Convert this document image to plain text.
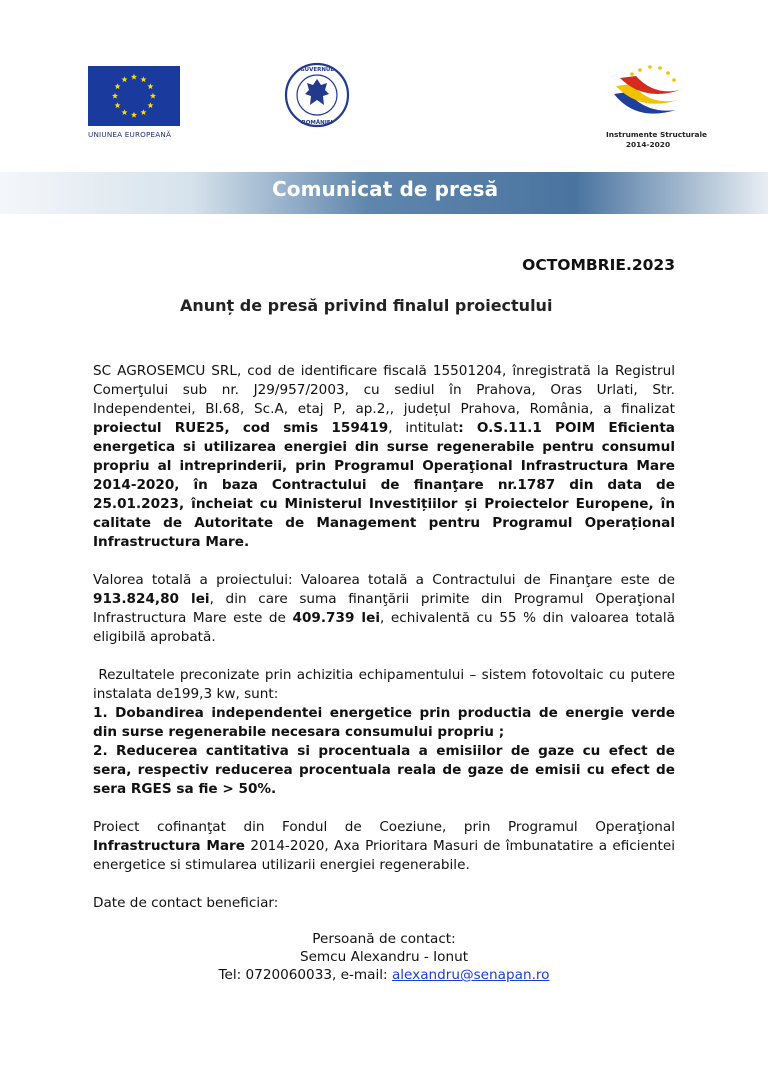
UNIUNEA EUROPEANĂ
GUVERNUL
ROMÂNIEI
Instrumente Structurale
2014-2020
Comunicat de presă
OCTOMBRIE.2023
Anunț de presă privind finalul proiectului

SC AGROSEMCU SRL, cod de identificare fiscală 15501204, înregistrată la Registrul Comerţului sub nr. J29/957/2003, cu sediul în Prahova, Oras Urlati, Str. Independentei, Bl.68, Sc.A, etaj P, ap.2,, județul Prahova, România, a finalizat proiectul RUE25, cod smis 159419, intitulat: O.S.11.1 POIM Eficienta energetica si utilizarea energiei din surse regenerabile pentru consumul propriu al intreprinderii, prin Programul Operaţional Infrastructura Mare 2014-2020, în baza Contractului de finanţare nr.1787 din data de 25.01.2023, încheiat cu Ministerul Investițiilor și Proiectelor Europene, în calitate de Autoritate de Management pentru Programul Operațional Infrastructura Mare.

Valorea totală a proiectului: Valoarea totală a Contractului de Finanţare este de 913.824,80 lei, din care suma finanţării primite din Programul Operaţional Infrastructura Mare este de 409.739 lei, echivalentă cu 55 % din valoarea totală eligibilă aprobată.

Rezultatele preconizate prin achizitia echipamentului – sistem fotovoltaic cu putere instalata de199,3 kw, sunt:

1. Dobandirea independentei energetice prin productia de energie verde din surse regenerabile necesara consumului propriu ;
2. Reducerea cantitativa si procentuala a emisiilor de gaze cu efect de sera, respectiv reducerea procentuala reala de gaze de emisii cu efect de sera RGES sa fie > 50%.

Proiect cofinanţat din Fondul de Coeziune, prin Programul Operaţional Infrastructura Mare 2014-2020, Axa Prioritara Masuri de îmbunatatire a eficientei energetice si stimularea utilizarii energiei regenerabile.

Date de contact beneficiar:

Persoană de contact:
Semcu Alexandru - Ionut
Tel: 0720060033, e-mail: alexandru@senapan.ro
